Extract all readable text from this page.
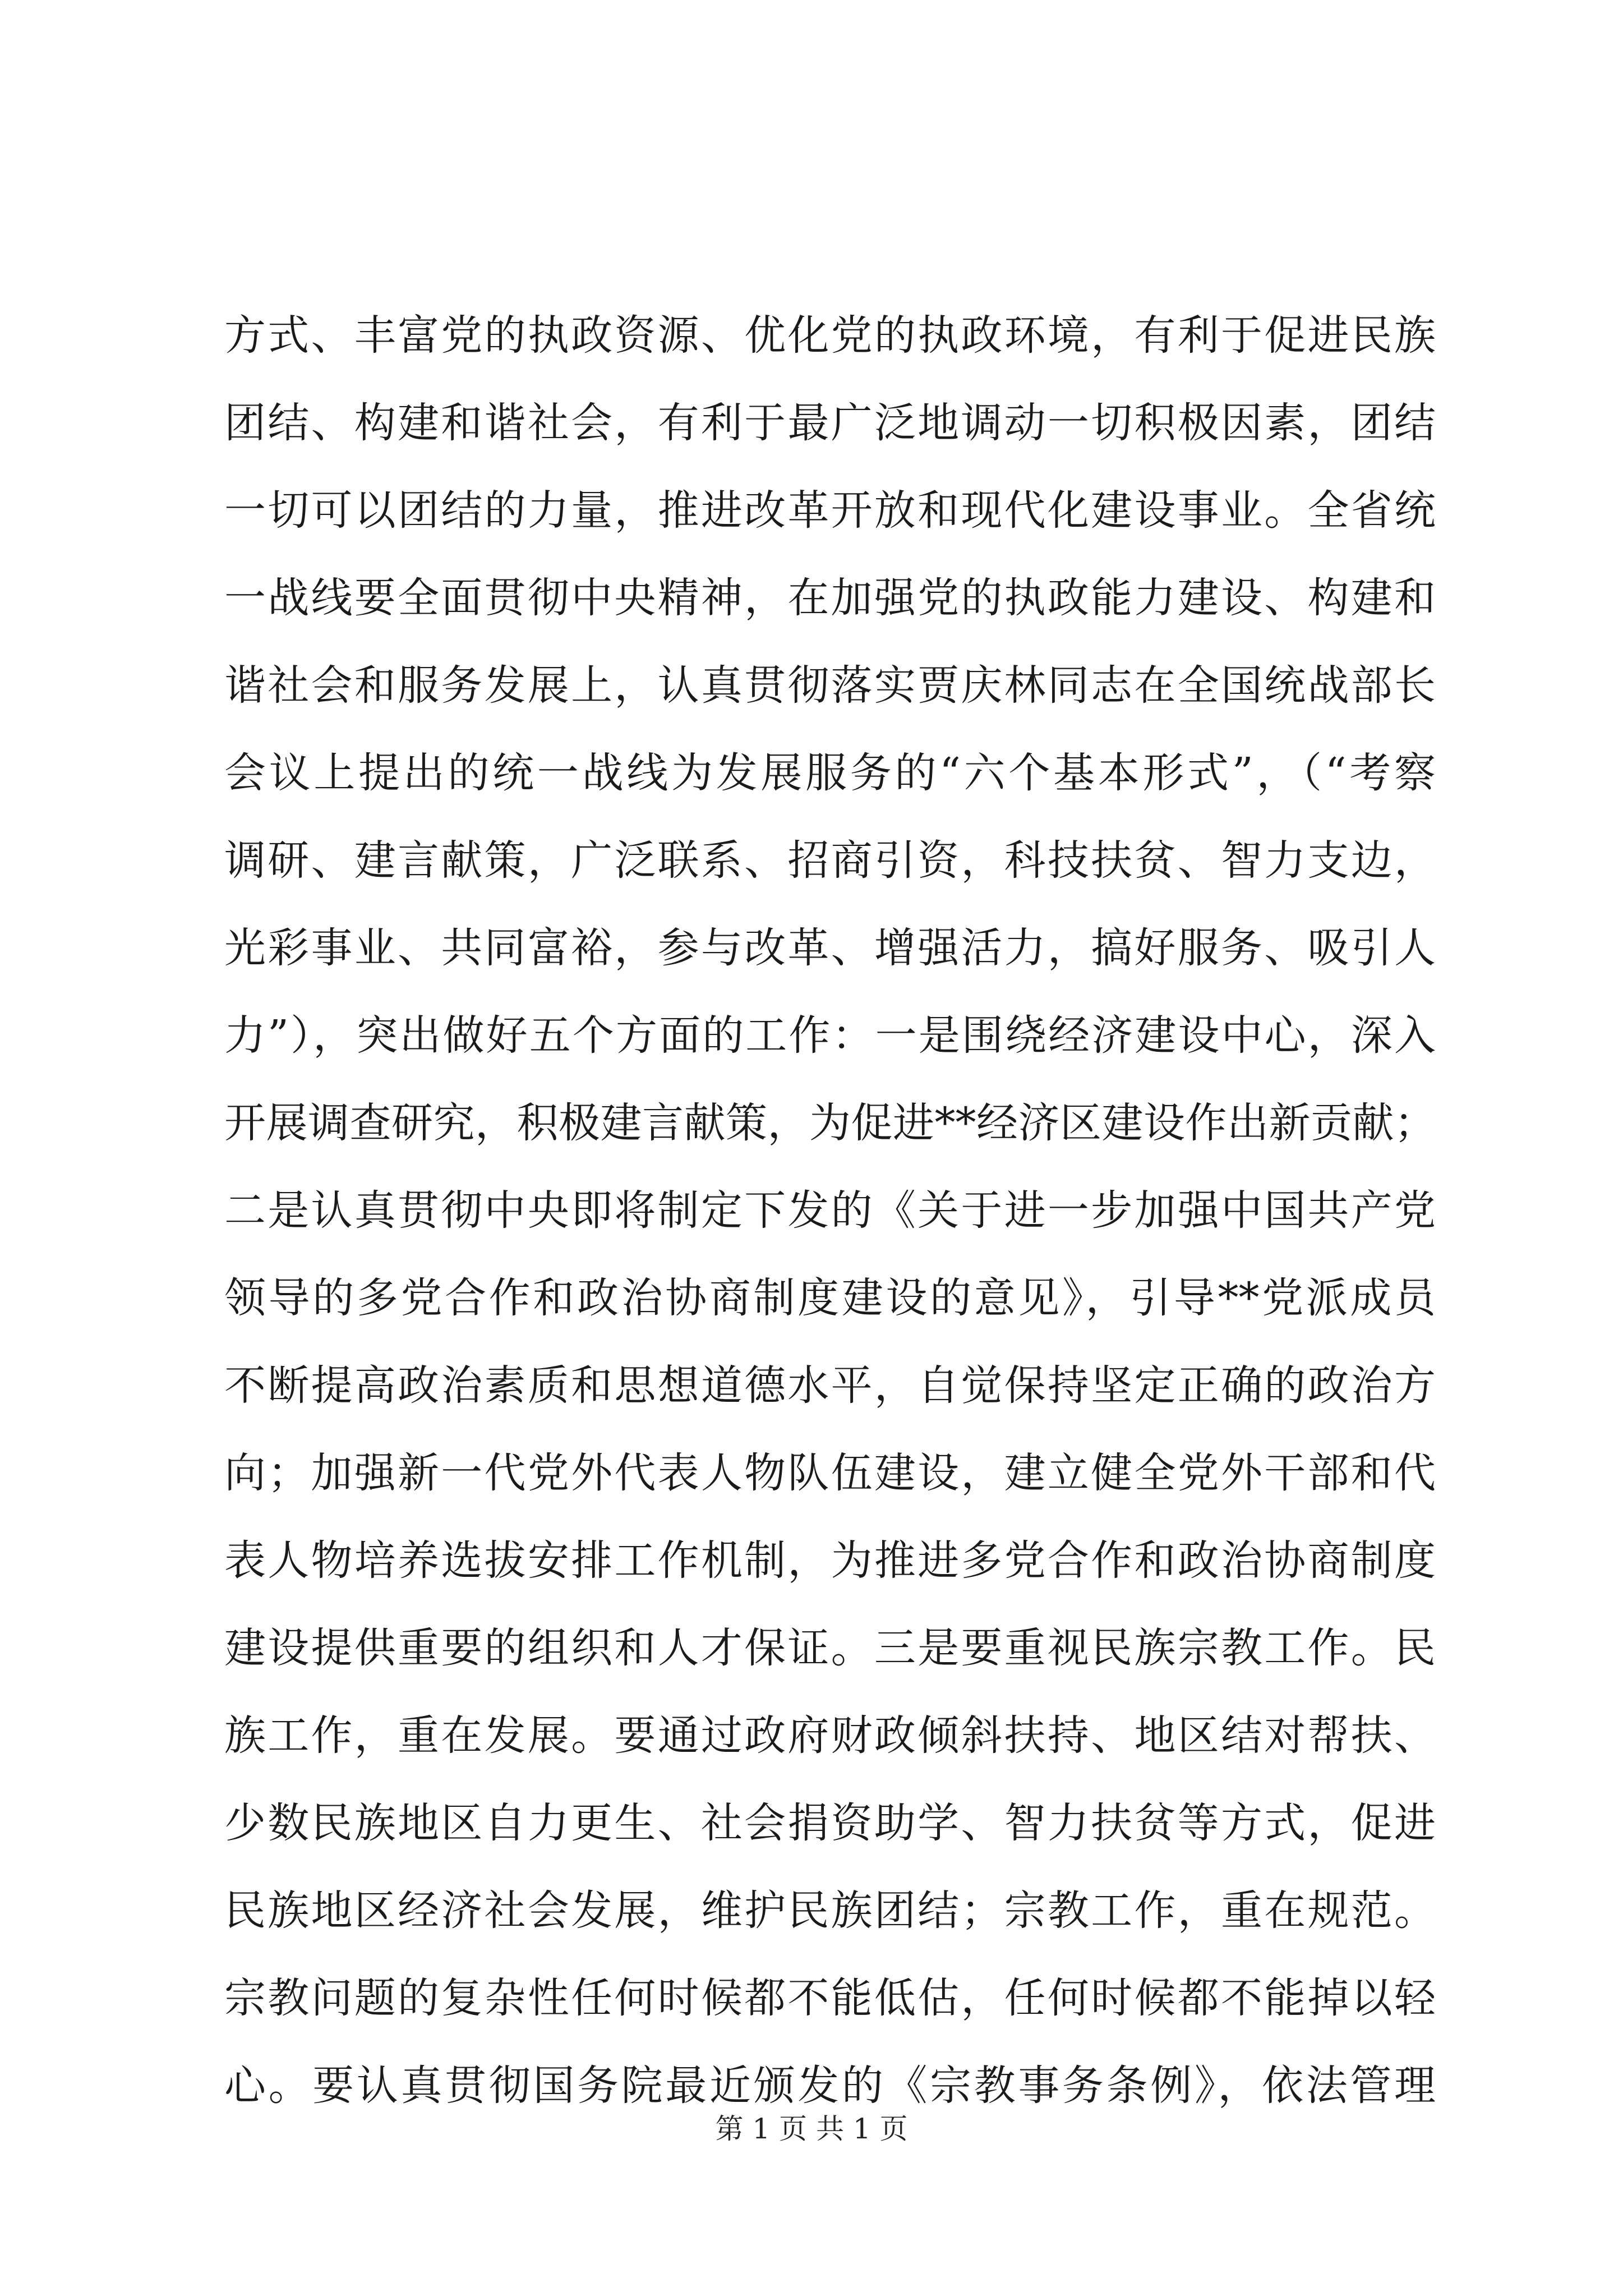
方式、丰富党的执政资源、优化党的执政环境，有利于促进民族
团结、构建和谐社会，有利于最广泛地调动一切积极因素，团结
一切可以团结的力量，推进改革开放和现代化建设事业。全省统
一战线要全面贯彻中央精神，在加强党的执政能力建设、构建和
谐社会和服务发展上，认真贯彻落实贾庆林同志在全国统战部长
会议上提出的统一战线为发展服务的“六个基本形式”，（“考察
调研、建言献策，广泛联系、招商引资，科技扶贫、智力支边，
光彩事业、共同富裕，参与改革、增强活力，搞好服务、吸引人
力”），突出做好五个方面的工作：一是围绕经济建设中心，深入
开展调查研究，积极建言献策，为促进**经济区建设作出新贡献；
二是认真贯彻中央即将制定下发的《关于进一步加强中国共产党
领导的多党合作和政治协商制度建设的意见》，引导**党派成员
不断提高政治素质和思想道德水平，自觉保持坚定正确的政治方
向；加强新一代党外代表人物队伍建设，建立健全党外干部和代
表人物培养选拔安排工作机制，为推进多党合作和政治协商制度
建设提供重要的组织和人才保证。三是要重视民族宗教工作。民
族工作，重在发展。要通过政府财政倾斜扶持、地区结对帮扶、
少数民族地区自力更生、社会捐资助学、智力扶贫等方式，促进
民族地区经济社会发展，维护民族团结；宗教工作，重在规范。
宗教问题的复杂性任何时候都不能低估，任何时候都不能掉以轻
心。要认真贯彻国务院最近颁发的《宗教事务条例》，依法管理
第 1 页 共 1 页
